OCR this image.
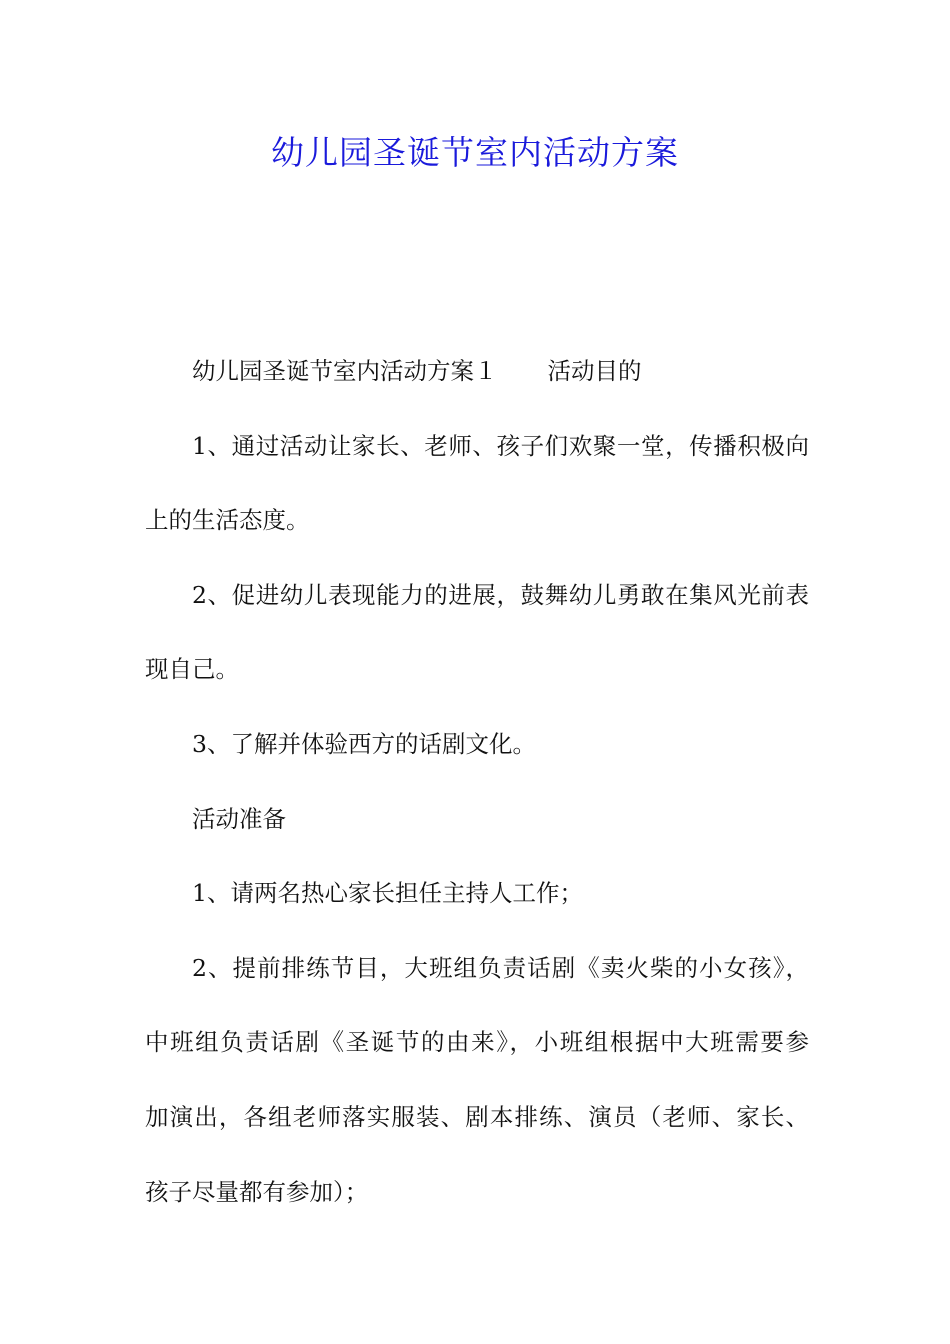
幼儿园圣诞节室内活动方案
幼儿园圣诞节室内活动方案１ 活动目的
1、通过活动让家长、老师、孩子们欢聚一堂，传播积极向
上的生活态度。
2、促进幼儿表现能力的进展，鼓舞幼儿勇敢在集风光前表
现自己。
3、了解并体验西方的话剧文化。
活动准备
1、请两名热心家长担任主持人工作；
2、提前排练节目，大班组负责话剧《卖火柴的小女孩》，
中班组负责话剧《圣诞节的由来》，小班组根据中大班需要参
加演出，各组老师落实服装、剧本排练、演员（老师、家长、
孩子尽量都有参加）；
